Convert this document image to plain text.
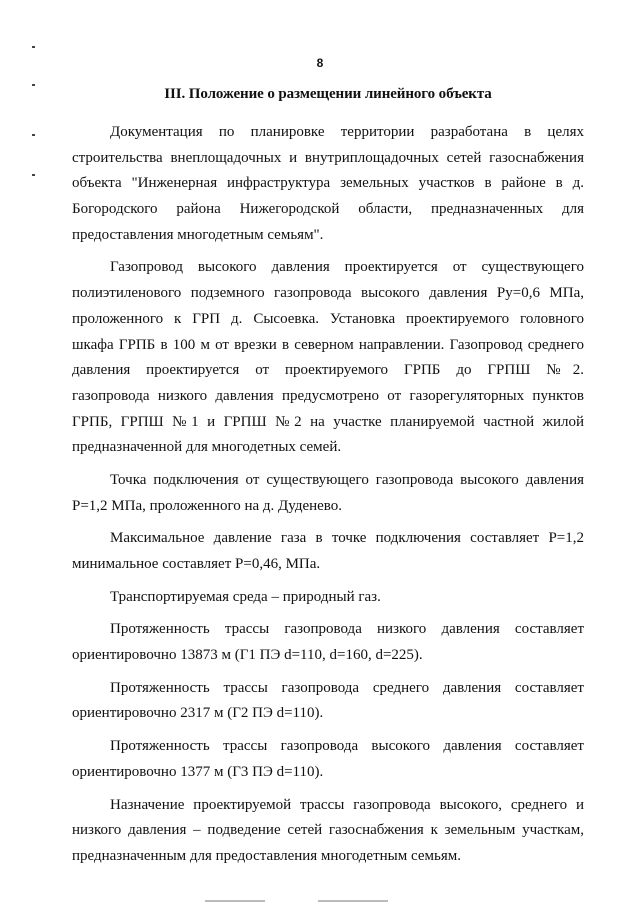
8
III. Положение о размещении линейного объекта
Документация по планировке территории разработана в целях
строительства внеплощадочных и внутриплощадочных сетей газоснабжения
объекта "Инженерная инфраструктура земельных участков в районе в д.
Богородского района Нижегородской области, предназначенных для
предоставления многодетным семьям".
Газопровод высокого давления проектируется от существующего
полиэтиленового подземного газопровода высокого давления Ру=0,6 МПа,
проложенного к ГРП д. Сысоевка. Установка проектируемого головного
шкафа ГРПБ в 100 м от врезки в северном направлении. Газопровод среднего
давления проектируется от проектируемого ГРПБ до ГРПШ №2.
газопровода низкого давления предусмотрено от газорегуляторных пунктов
ГРПБ, ГРПШ №1 и ГРПШ №2 на участке планируемой частной жилой
предназначенной для многодетных семей.
Точка подключения от существующего газопровода высокого давления
Р=1,2 МПа, проложенного на д. Дуденево.
Максимальное давление газа в точке подключения составляет Р=1,2
минимальное составляет Р=0,46, МПа.
Транспортируемая среда – природный газ.
Протяженность трассы газопровода низкого давления составляет
ориентировочно 13873 м (Г1 ПЭ d=110, d=160, d=225).
Протяженность трассы газопровода среднего давления составляет
ориентировочно 2317 м (Г2 ПЭ d=110).
Протяженность трассы газопровода высокого давления составляет
ориентировочно 1377 м (Г3 ПЭ d=110).
Назначение проектируемой трассы газопровода высокого, среднего и
низкого давления – подведение сетей газоснабжения к земельным участкам,
предназначенным для предоставления многодетным семьям.
